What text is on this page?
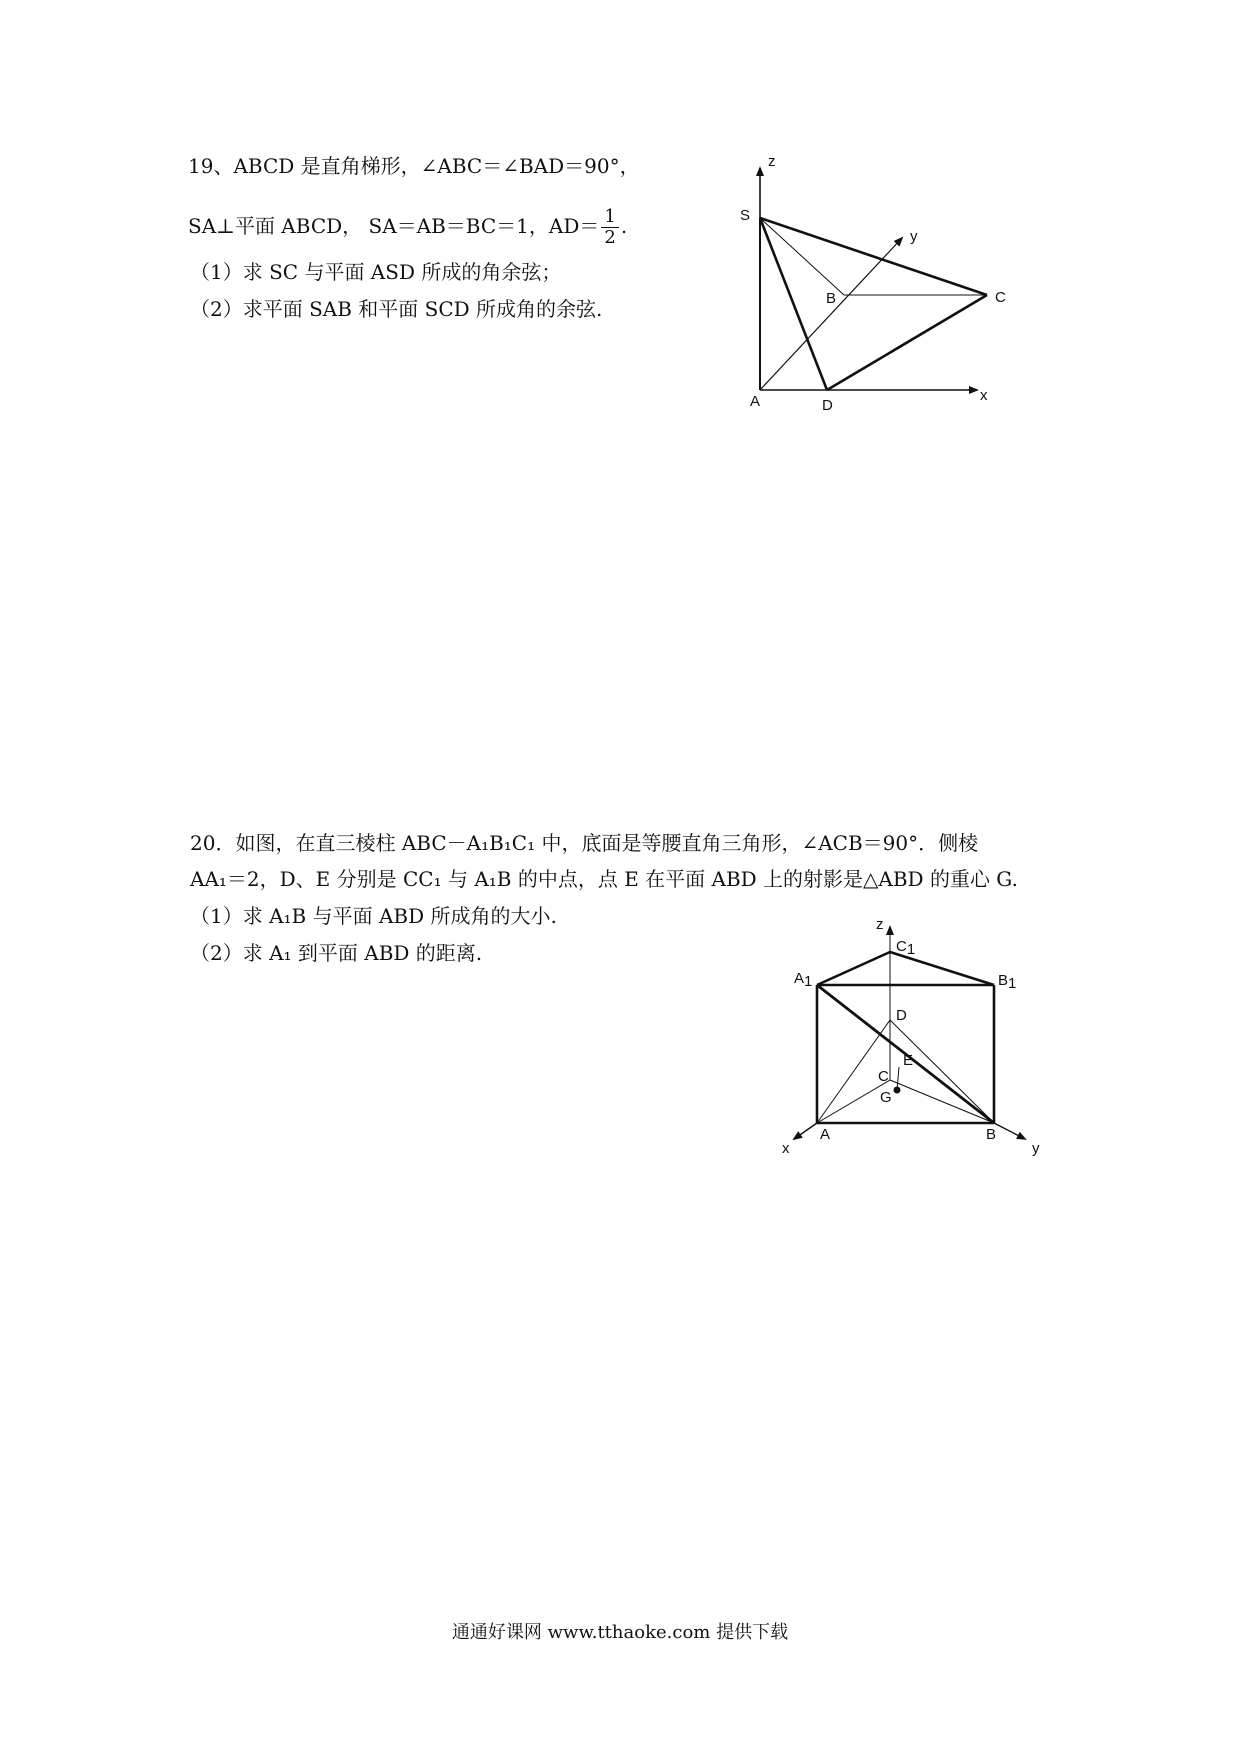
19、ABCD 是直角梯形，∠ABC＝∠BAD＝90°，
SA⊥平面 ABCD， SA＝AB＝BC＝1，$AD= \frac{1}{2}$ .
（1）求 SC 与平面 ASD 所成的角余弦；
（2）求平面 SAB 和平面 SCD 所成角的余弦.
z
S
y
B	C
A	D
x
20．如图，在直三棱柱 ABC－A₁B₁C₁ 中，底面是等腰直角三角形，∠ACB＝90°．侧棱
AA₁＝2，D、E 分别是 CC₁ 与 A₁B 的中点，点 E 在平面 ABD 上的射影是△ABD 的重心 G.
（1）求 A₁B 与平面 ABD 所成角的大小.
（2）求 A₁ 到平面 ABD 的距离.
z
C1
A1	B1
D
E
C
G
A	B
x	y
通通好课网 www.tthaoke.com 提供下载
